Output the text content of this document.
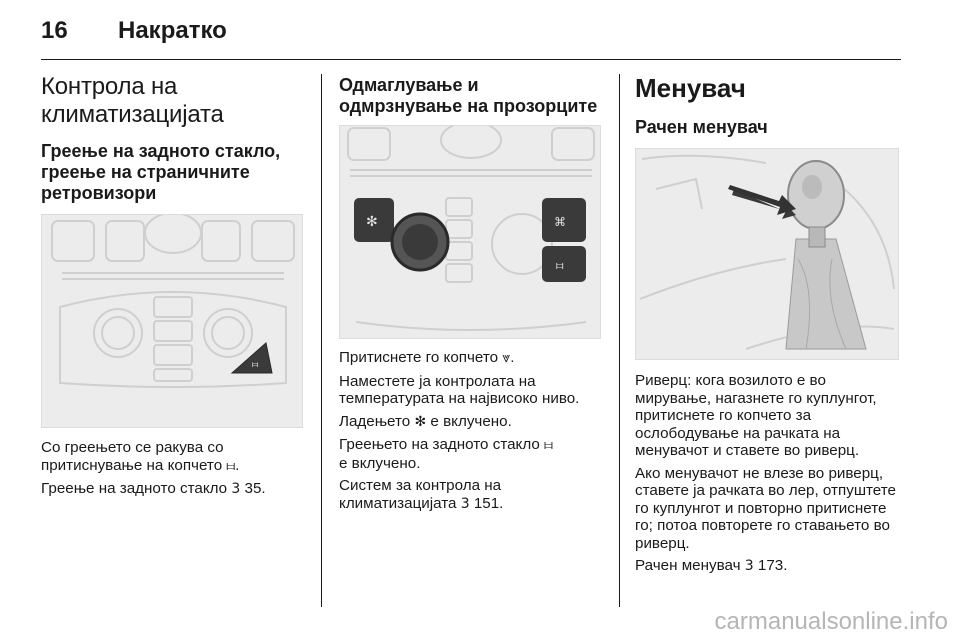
16 Накратко
Контрола на климатизацијата
Греење на задното стакло, греење на страничните ретровизори
⧦

Со греењето се ракува со притиснување на копчето ⧦.

Греење на задното стакло 3 35.

Одмаглување и одмрзнување на прозорците
✻	⌘
⧦

Притиснете го копчето ⩔.

Наместете ја контролата на температурата на највисоко ниво.

Ладењето ✻ е вклучено.

Греењето на задното стакло ⧦
е вклучено.

Систем за контрола на климатизацијата 3 151.

Менувач
Рачен менувач

Риверц: кога возилото е во мирување, нагазнете го куплунгот, притиснете го копчето за ослободување на рачката на менувачот и ставете во риверц.

Ако менувачот не влезе во риверц, ставете ја рачката во лер, отпуштете го куплунгот и повторно притиснете го; потоа повторете го ставањето во риверц.

Рачен менувач 3 173.

carmanualsonline.info
